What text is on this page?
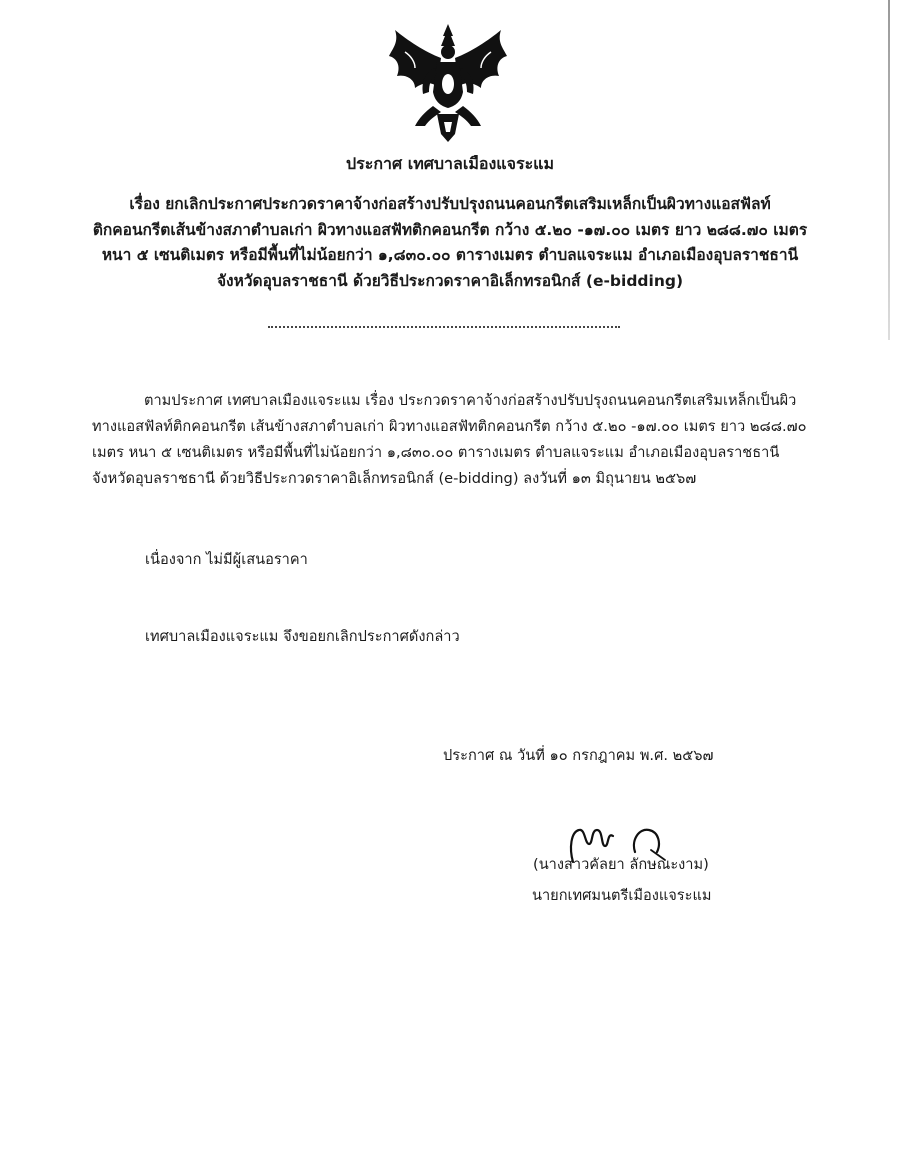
ประกาศ เทศบาลเมืองแจระแม
เรื่อง ยกเลิกประกาศประกวดราคาจ้างก่อสร้างปรับปรุงถนนคอนกรีตเสริมเหล็กเป็นผิวทางแอสฟัลท์
ติกคอนกรีตเส้นข้างสภาตำบลเก่า ผิวทางแอสฟัทติกคอนกรีต กว้าง ๕.๒๐ -๑๗.๐๐ เมตร ยาว ๒๘๘.๗๐ เมตร
หนา ๕ เซนติเมตร หรือมีพื้นที่ไม่น้อยกว่า ๑,๘๓๐.๐๐ ตารางเมตร ตำบลแจระแม อำเภอเมืองอุบลราชธานี
จังหวัดอุบลราชธานี ด้วยวิธีประกวดราคาอิเล็กทรอนิกส์ (e-bidding)
ตามประกาศ เทศบาลเมืองแจระแม เรื่อง ประกวดราคาจ้างก่อสร้างปรับปรุงถนนคอนกรีตเสริมเหล็กเป็นผิว
ทางแอสฟัลท์ติกคอนกรีต เส้นข้างสภาตำบลเก่า ผิวทางแอสฟัทติกคอนกรีต กว้าง ๕.๒๐ -๑๗.๐๐ เมตร ยาว ๒๘๘.๗๐
เมตร หนา ๕ เซนติเมตร หรือมีพื้นที่ไม่น้อยกว่า ๑,๘๓๐.๐๐ ตารางเมตร ตำบลแจระแม อำเภอเมืองอุบลราชธานี
จังหวัดอุบลราชธานี ด้วยวิธีประกวดราคาอิเล็กทรอนิกส์ (e-bidding) ลงวันที่ ๑๓ มิถุนายน ๒๕๖๗
เนื่องจาก ไม่มีผู้เสนอราคา
เทศบาลเมืองแจระแม จึงขอยกเลิกประกาศดังกล่าว
ประกาศ ณ วันที่ ๑๐ กรกฎาคม พ.ศ. ๒๕๖๗
(นางสาวคัลยา ลักษณะงาม)
นายกเทศมนตรีเมืองแจระแม
